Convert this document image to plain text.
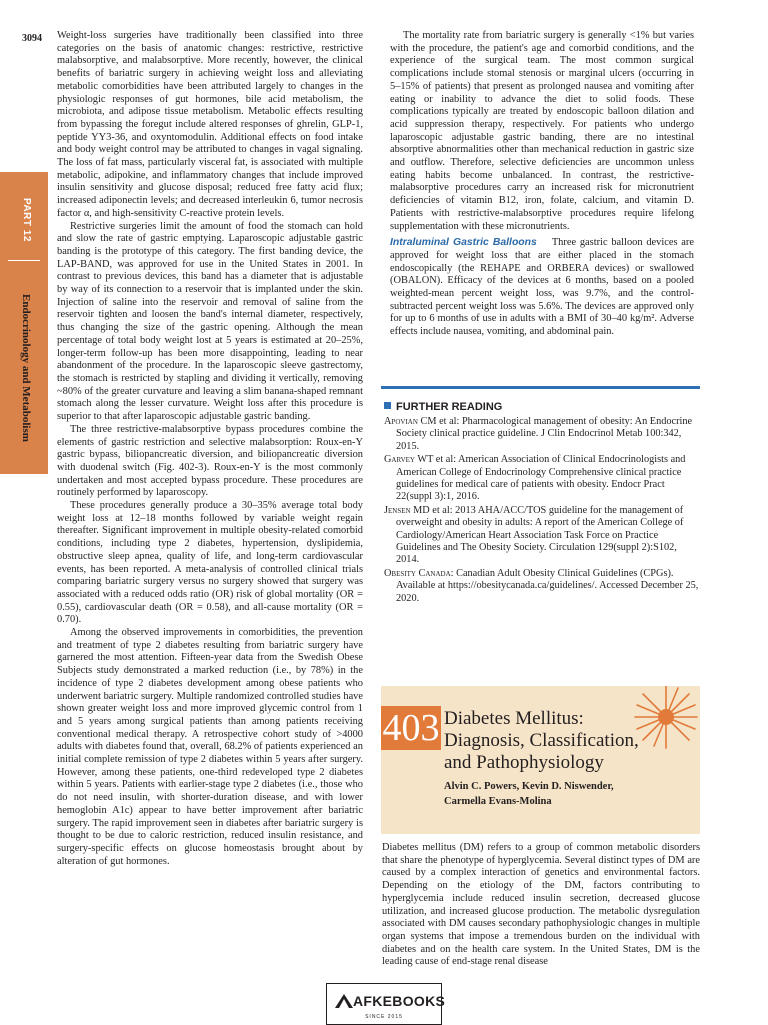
3094
PART 12
Endocrinology and Metabolism

Weight-loss surgeries have traditionally been classified into three categories on the basis of anatomic changes: restrictive, restrictive malabsorptive, and malabsorptive. More recently, however, the clinical benefits of bariatric surgery in achieving weight loss and alleviating metabolic comorbidities have been attributed largely to changes in the physiologic responses of gut hormones, bile acid metabolism, the microbiota, and adipose tissue metabolism. Metabolic effects resulting from bypassing the foregut include altered responses of ghrelin, GLP-1, peptide YY3-36, and oxyntomodulin. Additional effects on food intake and body weight control may be attributed to changes in vagal signaling. The loss of fat mass, particularly visceral fat, is associated with multiple metabolic, adipokine, and inflammatory changes that include improved insulin sensitivity and glucose disposal; reduced free fatty acid flux; increased adiponectin levels; and decreased interleukin 6, tumor necrosis factor α, and high-sensitivity C-reactive protein levels.

Restrictive surgeries limit the amount of food the stomach can hold and slow the rate of gastric emptying. Laparoscopic adjustable gastric banding is the prototype of this category. The first banding device, the LAP-BAND, was approved for use in the United States in 2001. In contrast to previous devices, this band has a diameter that is adjustable by way of its connection to a reservoir that is implanted under the skin. Injection of saline into the reservoir and removal of saline from the reservoir tighten and loosen the band's internal diameter, respectively, thus changing the size of the gastric opening. Although the mean percentage of total body weight lost at 5 years is estimated at 20–25%, longer-term follow-up has been more disappointing, leading to near abandonment of the procedure. In the laparoscopic sleeve gastrectomy, the stomach is restricted by stapling and dividing it vertically, removing ~80% of the greater curvature and leaving a slim banana-shaped remnant stomach along the lesser curvature. Weight loss after this procedure is superior to that after laparoscopic adjustable gastric banding.

The three restrictive-malabsorptive bypass procedures combine the elements of gastric restriction and selective malabsorption: Roux-en-Y gastric bypass, biliopancreatic diversion, and biliopancreatic diversion with duodenal switch (Fig. 402-3). Roux-en-Y is the most commonly undertaken and most accepted bypass procedure. These procedures are routinely performed by laparoscopy.

These procedures generally produce a 30–35% average total body weight loss at 12–18 months followed by variable weight regain thereafter. Significant improvement in multiple obesity-related comorbid conditions, including type 2 diabetes, hypertension, dyslipidemia, obstructive sleep apnea, quality of life, and long-term cardiovascular events, has been reported. A meta-analysis of controlled clinical trials comparing bariatric surgery versus no surgery showed that surgery was associated with a reduced odds ratio (OR) risk of global mortality (OR = 0.55), cardiovascular death (OR = 0.58), and all-cause mortality (OR = 0.70).

Among the observed improvements in comorbidities, the prevention and treatment of type 2 diabetes resulting from bariatric surgery have garnered the most attention. Fifteen-year data from the Swedish Obese Subjects study demonstrated a marked reduction (i.e., by 78%) in the incidence of type 2 diabetes development among obese patients who underwent bariatric surgery. Multiple randomized controlled studies have shown greater weight loss and more improved glycemic control from 1 and 5 years among surgical patients than among patients receiving conventional medical therapy. A retrospective cohort study of >4000 adults with diabetes found that, overall, 68.2% of patients experienced an initial complete remission of type 2 diabetes within 5 years after surgery. However, among these patients, one-third redeveloped type 2 diabetes within 5 years. Patients with earlier-stage type 2 diabetes (i.e., those who do not need insulin, with shorter-duration disease, and with lower hemoglobin A1c) appear to have better improvement after bariatric surgery. The rapid improvement seen in diabetes after bariatric surgery is thought to be due to caloric restriction, reduced insulin resistance, and surgery-specific effects on glucose homeostasis brought about by alteration of gut hormones.

The mortality rate from bariatric surgery is generally <1% but varies with the procedure, the patient's age and comorbid conditions, and the experience of the surgical team. The most common surgical complications include stomal stenosis or marginal ulcers (occurring in 5–15% of patients) that present as prolonged nausea and vomiting after eating or inability to advance the diet to solid foods. These complications typically are treated by endoscopic balloon dilation and acid suppression therapy, respectively. For patients who undergo laparoscopic adjustable gastric banding, there are no intestinal absorptive abnormalities other than mechanical reduction in gastric size and outflow. Therefore, selective deficiencies are uncommon unless eating habits become unbalanced. In contrast, the restrictive-malabsorptive procedures carry an increased risk for micronutrient deficiencies of vitamin B12, iron, folate, calcium, and vitamin D. Patients with restrictive-malabsorptive procedures require lifelong supplementation with these micronutrients.

Intraluminal Gastric Balloons Three gastric balloon devices are approved for weight loss that are either placed in the stomach endoscopically (the REHAPE and ORBERA devices) or swallowed (OBALON). Efficacy of the devices at 6 months, based on a pooled weighted-mean percent weight loss, was 9.7%, and the control-subtracted percent weight loss was 5.6%. The devices are approved only for up to 6 months of use in adults with a BMI of 30–40 kg/m². Adverse effects include nausea, vomiting, and abdominal pain.

FURTHER READING
Apovian CM et al: Pharmacological management of obesity: An Endocrine Society clinical practice guideline. J Clin Endocrinol Metab 100:342, 2015.
Garvey WT et al: American Association of Clinical Endocrinologists and American College of Endocrinology Comprehensive clinical practice guidelines for medical care of patients with obesity. Endocr Pract 22(suppl 3):1, 2016.
Jensen MD et al: 2013 AHA/ACC/TOS guideline for the management of overweight and obesity in adults: A report of the American College of Cardiology/American Heart Association Task Force on Practice Guidelines and The Obesity Society. Circulation 129(suppl 2):S102, 2014.
Obesity Canada: Canadian Adult Obesity Clinical Guidelines (CPGs). Available at https://obesitycanada.ca/guidelines/. Accessed December 25, 2020.
403 Diabetes Mellitus:
Diagnosis, Classification,
and Pathophysiology
Alvin C. Powers, Kevin D. Niswender,
Carmella Evans-Molina

Diabetes mellitus (DM) refers to a group of common metabolic disorders that share the phenotype of hyperglycemia. Several distinct types of DM are caused by a complex interaction of genetics and environmental factors. Depending on the etiology of the DM, factors contributing to hyperglycemia include reduced insulin secretion, decreased glucose utilization, and increased glucose production. The metabolic dysregulation associated with DM causes secondary pathophysiologic changes in multiple organ systems that impose a tremendous burden on the individual with diabetes and on the health care system. In the United States, DM is the leading cause of end-stage renal disease

AFKEBOOKS
SINCE 2015
